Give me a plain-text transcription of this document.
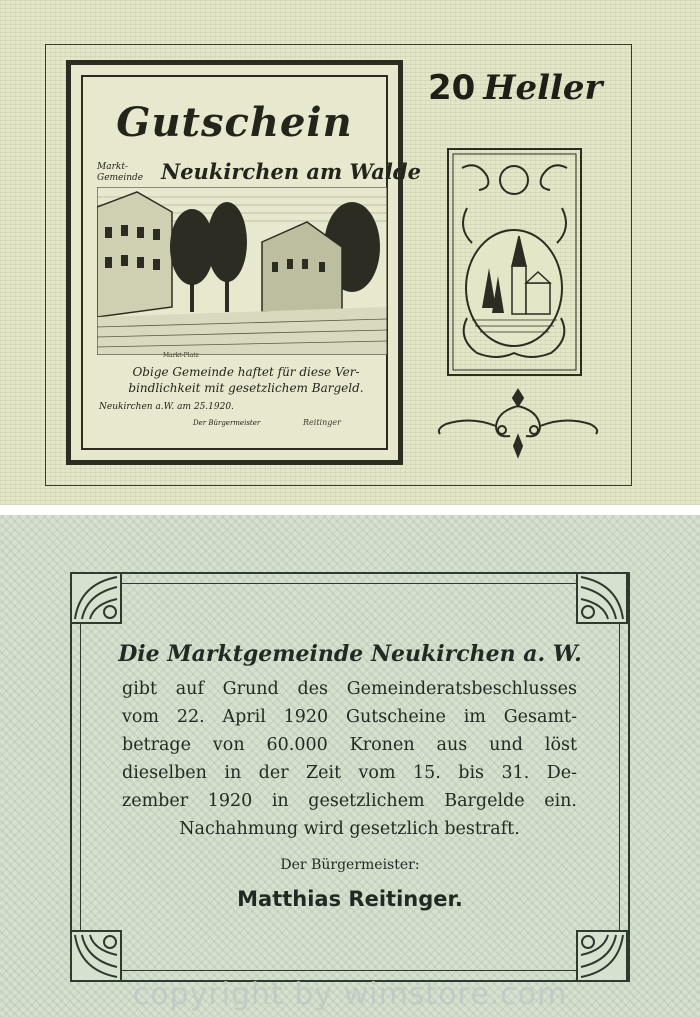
Gutschein
Markt-
Gemeinde Neukirchen am Walde
Markt-Platz
Obige Gemeinde haftet für diese Ver-
bindlichkeit mit gesetzlichem Bargeld.
Neukirchen a.W. am 25.1920.
Der Bürgermeister	Reitinger
20 Heller
Die Marktgemeinde Neukirchen a. W.
gibt auf Grund des Gemeinderatsbeschlusses
vom 22. April 1920 Gutscheine im Gesamt-
betrage von 60.000 Kronen aus und löst
dieselben in der Zeit vom 15. bis 31. De-
zember 1920 in gesetzlichem Bargelde ein.
Nachahmung wird gesetzlich bestraft.
Der Bürgermeister:
Matthias Reitinger.
copyright by wimstore.com
